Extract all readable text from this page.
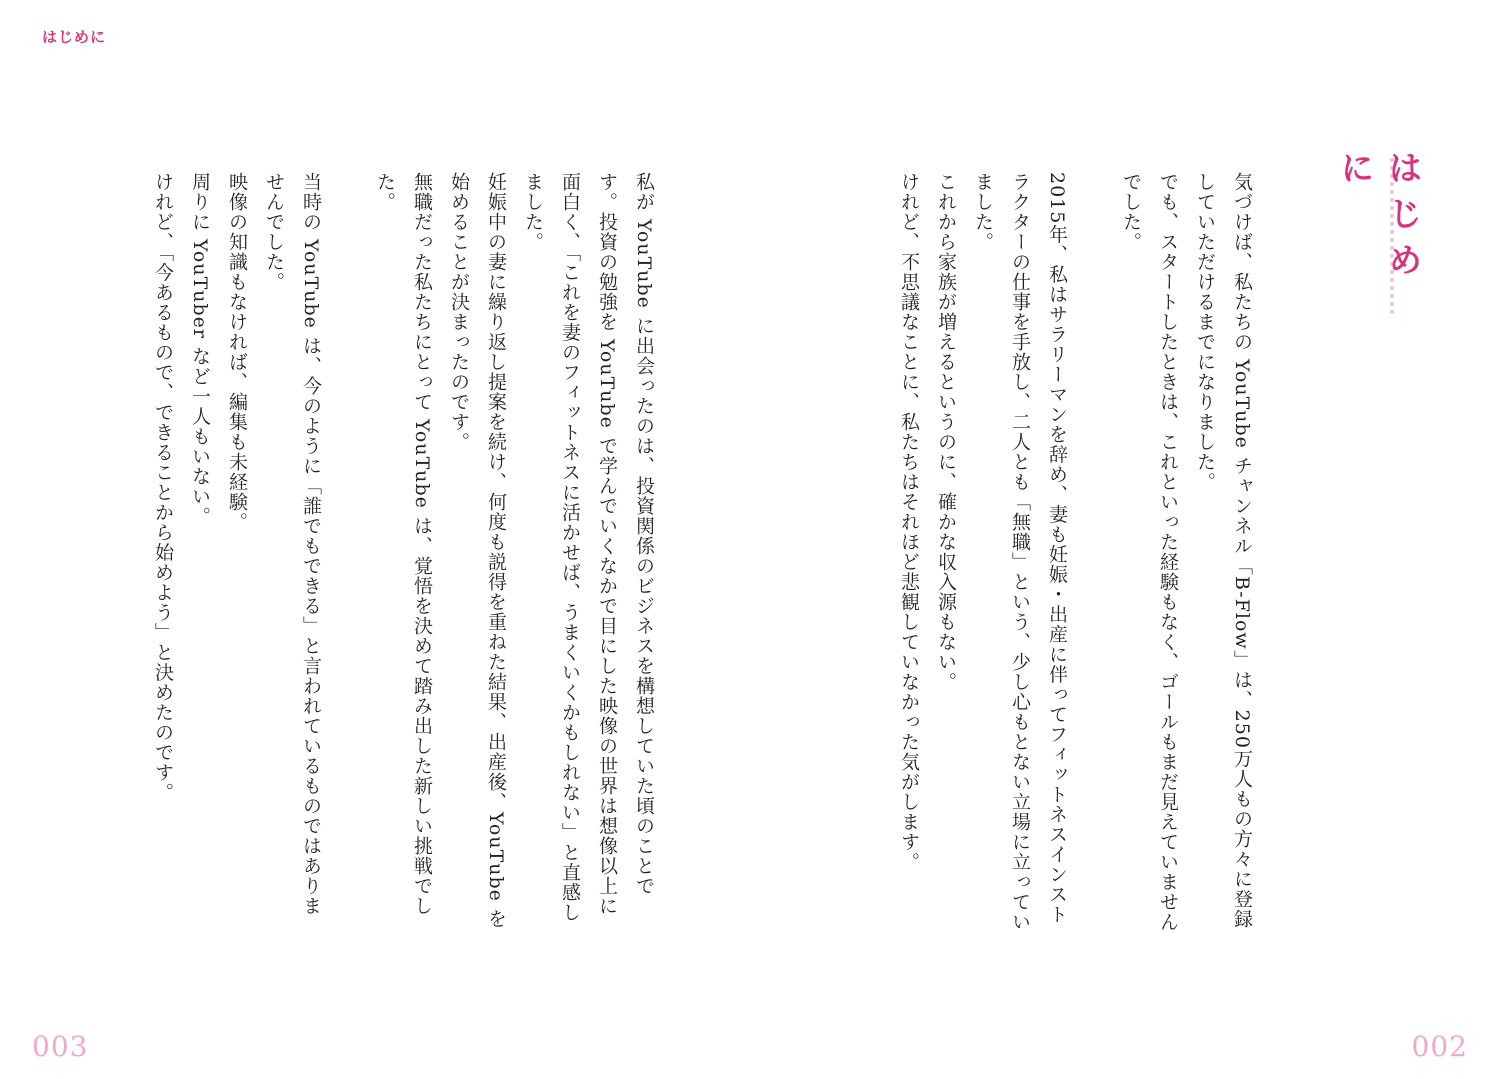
はじめに
はじめに

気づけば、私たちの YouTube チャンネル「B-Flow」は、250万人もの方々に登録していただけるまでになりました。

でも、スタートしたときは、これといった経験もなく、ゴールもまだ見えていませんでした。

2015年、私はサラリーマンを辞め、妻も妊娠・出産に伴ってフィットネスインストラクターの仕事を手放し、二人とも「無職」という、少し心もとない立場に立っていました。

これから家族が増えるというのに、確かな収入源もない。

けれど、不思議なことに、私たちはそれほど悲観していなかった気がします。

私が YouTube に出会ったのは、投資関係のビジネスを構想していた頃のことです。投資の勉強を YouTube で学んでいくなかで目にした映像の世界は想像以上に面白く、「これを妻のフィットネスに活かせば、うまくいくかもしれない」と直感しました。

妊娠中の妻に繰り返し提案を続け、何度も説得を重ねた結果、出産後、YouTube を始めることが決まったのです。

無職だった私たちにとって YouTube は、覚悟を決めて踏み出した新しい挑戦でした。

当時の YouTube は、今のように「誰でもできる」と言われているものではありませんでした。

映像の知識もなければ、編集も未経験。

周りに YouTuber など一人もいない。

けれど、「今あるもので、できることから始めよう」と決めたのです。

003	002
